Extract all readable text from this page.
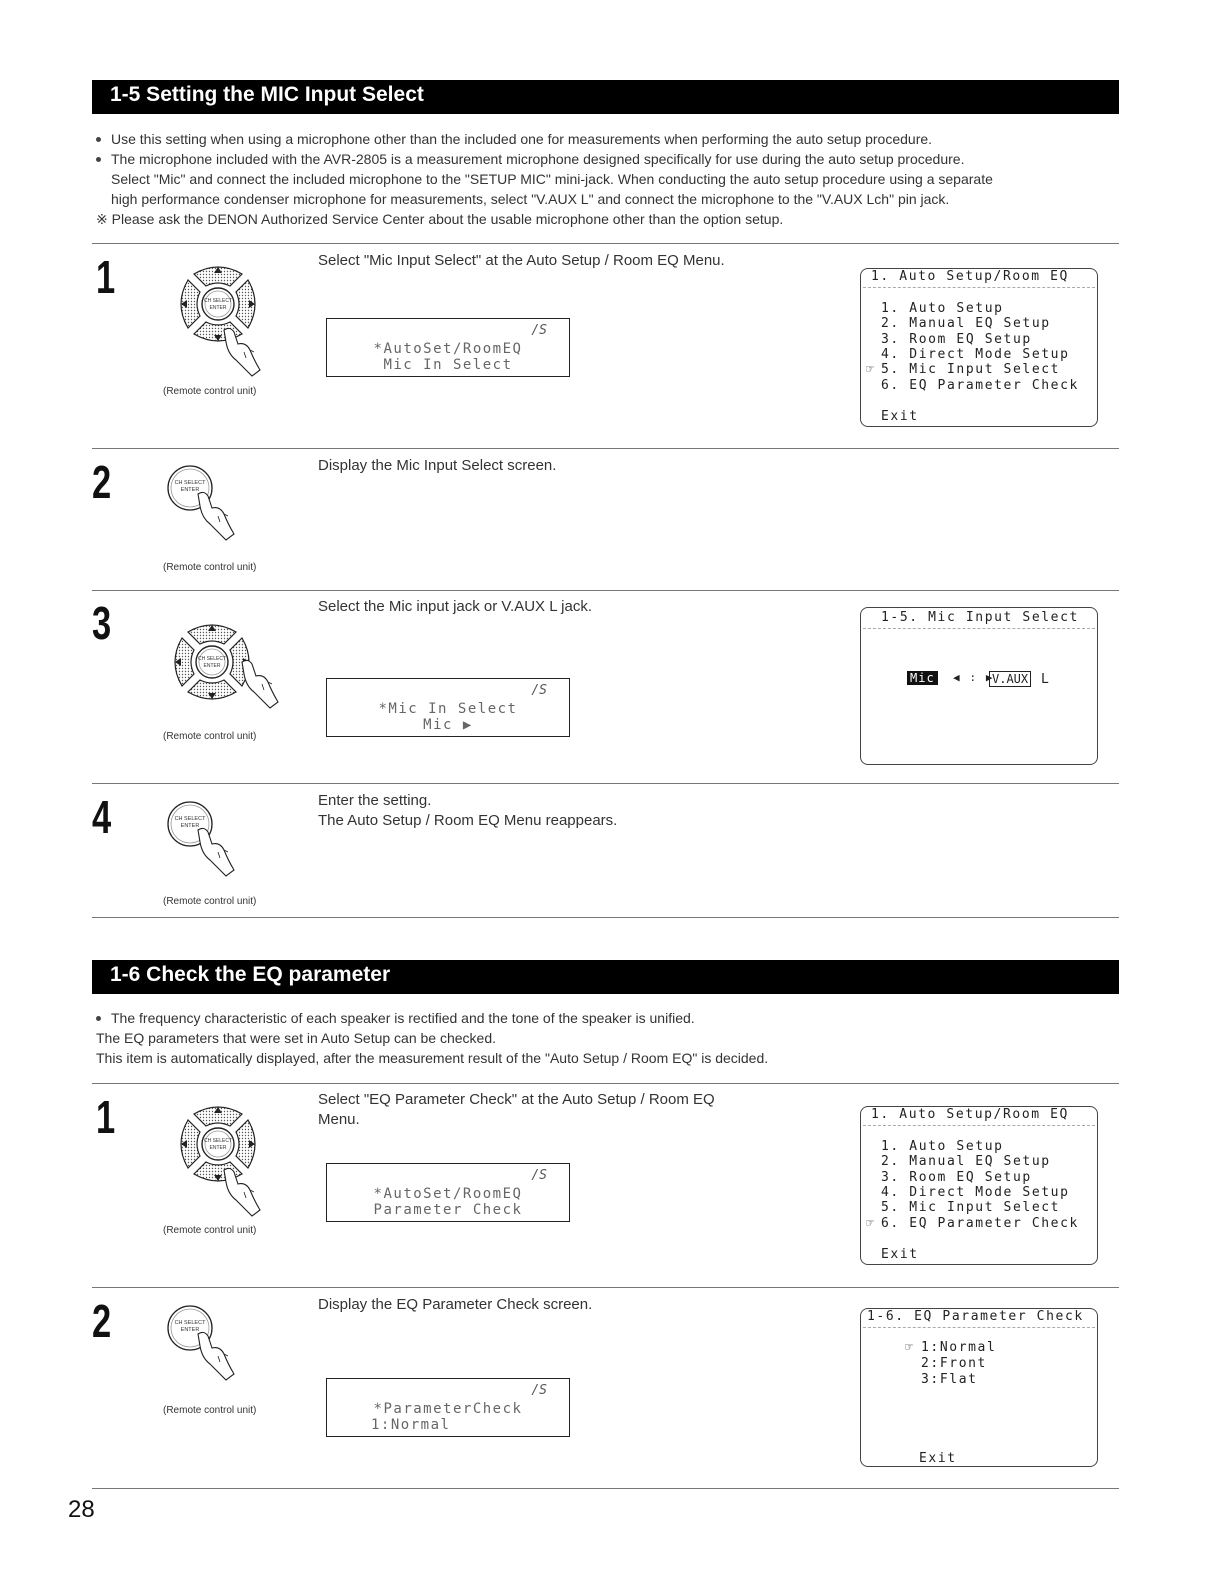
1-5 Setting the MIC Input Select
Use this setting when using a microphone other than the included one for measurements when performing the auto setup procedure.
The microphone included with the AVR-2805 is a measurement microphone designed specifically for use during the auto setup procedure.
Select "Mic" and connect the included microphone to the "SETUP MIC" mini-jack. When conducting the auto setup procedure using a separate
high performance condenser microphone for measurements, select "V.AUX L" and connect the microphone to the "V.AUX Lch" pin jack.
※ Please ask the DENON Authorized Service Center about the usable microphone other than the option setup.
1
(Remote control unit)
Select "Mic Input Select" at the Auto Setup / Room EQ Menu.
/S
*AutoSet/RoomEQ
Mic In Select
1. Auto Setup/Room EQ
1. Auto Setup
2. Manual EQ Setup
3. Room EQ Setup
4. Direct Mode Setup
☞ 5. Mic Input Select
6. EQ Parameter Check
Exit
2
(Remote control unit)
Display the Mic Input Select screen.
3
(Remote control unit)
Select the Mic input jack or V.AUX L jack.
/S
*Mic In Select
Mic ▶
1-5. Mic Input Select
Mic ◀ : ▶
V.AUX L
4
(Remote control unit)
Enter the setting.
The Auto Setup / Room EQ Menu reappears.
1-6 Check the EQ parameter
The frequency characteristic of each speaker is rectified and the tone of the speaker is unified.
The EQ parameters that were set in Auto Setup can be checked.
This item is automatically displayed, after the measurement result of the "Auto Setup / Room EQ" is decided.
1
(Remote control unit)
Select "EQ Parameter Check" at the Auto Setup / Room EQ
Menu.
/S
*AutoSet/RoomEQ
Parameter Check
1. Auto Setup/Room EQ
1. Auto Setup
2. Manual EQ Setup
3. Room EQ Setup
4. Direct Mode Setup
5. Mic Input Select
☞ 6. EQ Parameter Check
Exit
2
(Remote control unit)
Display the EQ Parameter Check screen.
/S
*ParameterCheck
1:Normal
1-6. EQ Parameter Check
☞ 1:Normal
2:Front
3:Flat
Exit
28
